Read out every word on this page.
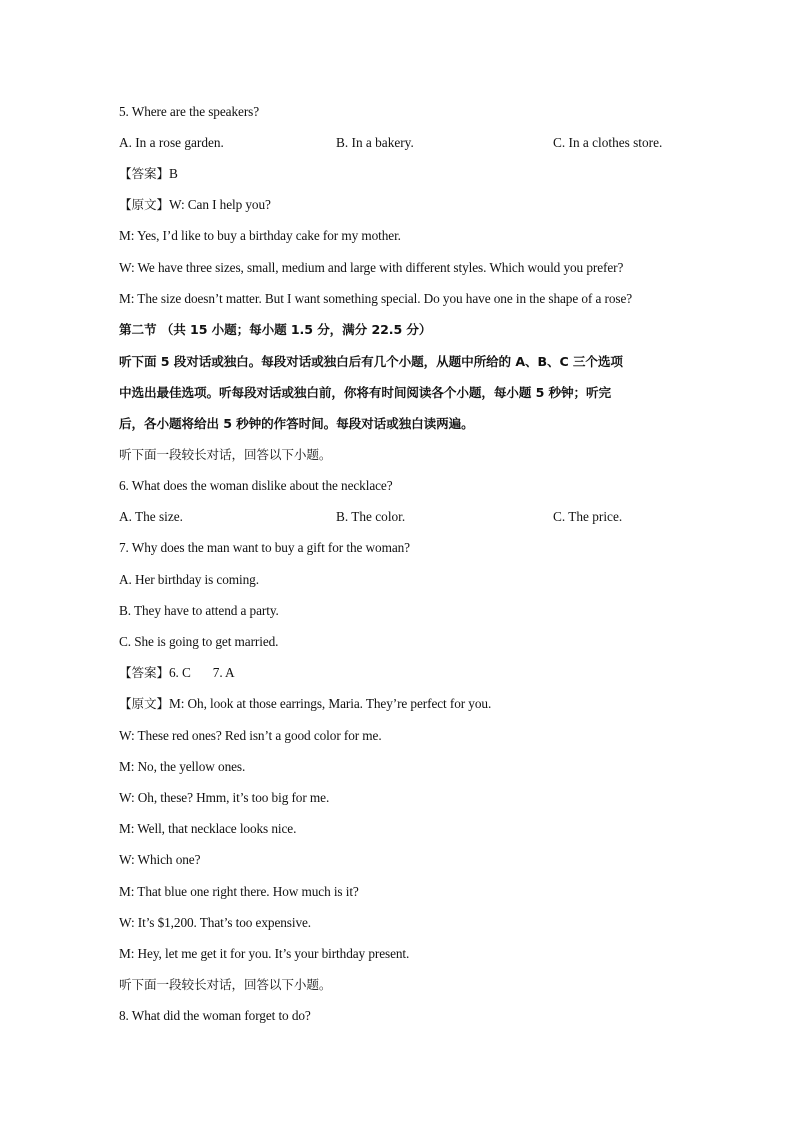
5. Where are the speakers?
A. In a rose garden.	B. In a bakery.	C. In a clothes store.
【答案】B
【原文】W: Can I help you?
M: Yes, I’d like to buy a birthday cake for my mother.
W: We have three sizes, small, medium and large with different styles. Which would you prefer?
M: The size doesn’t matter. But I want something special. Do you have one in the shape of a rose?
第二节 （共 15 小题；每小题 1.5 分，满分 22.5 分）
听下面 5 段对话或独白。每段对话或独白后有几个小题，从题中所给的 A、B、C 三个选项
中选出最佳选项。听每段对话或独白前，你将有时间阅读各个小题，每小题 5 秒钟；听完
后，各小题将给出 5 秒钟的作答时间。每段对话或独白读两遍。
听下面一段较长对话，回答以下小题。
6. What does the woman dislike about the necklace?
A. The size.	B. The color.	C. The price.
7. Why does the man want to buy a gift for the woman?
A. Her birthday is coming.
B. They have to attend a party.
C. She is going to get married.
【答案】6. C 7. A
【原文】M: Oh, look at those earrings, Maria. They’re perfect for you.
W: These red ones? Red isn’t a good color for me.
M: No, the yellow ones.
W: Oh, these? Hmm, it’s too big for me.
M: Well, that necklace looks nice.
W: Which one?
M: That blue one right there. How much is it?
W: It’s $1,200. That’s too expensive.
M: Hey, let me get it for you. It’s your birthday present.
听下面一段较长对话，回答以下小题。
8. What did the woman forget to do?
